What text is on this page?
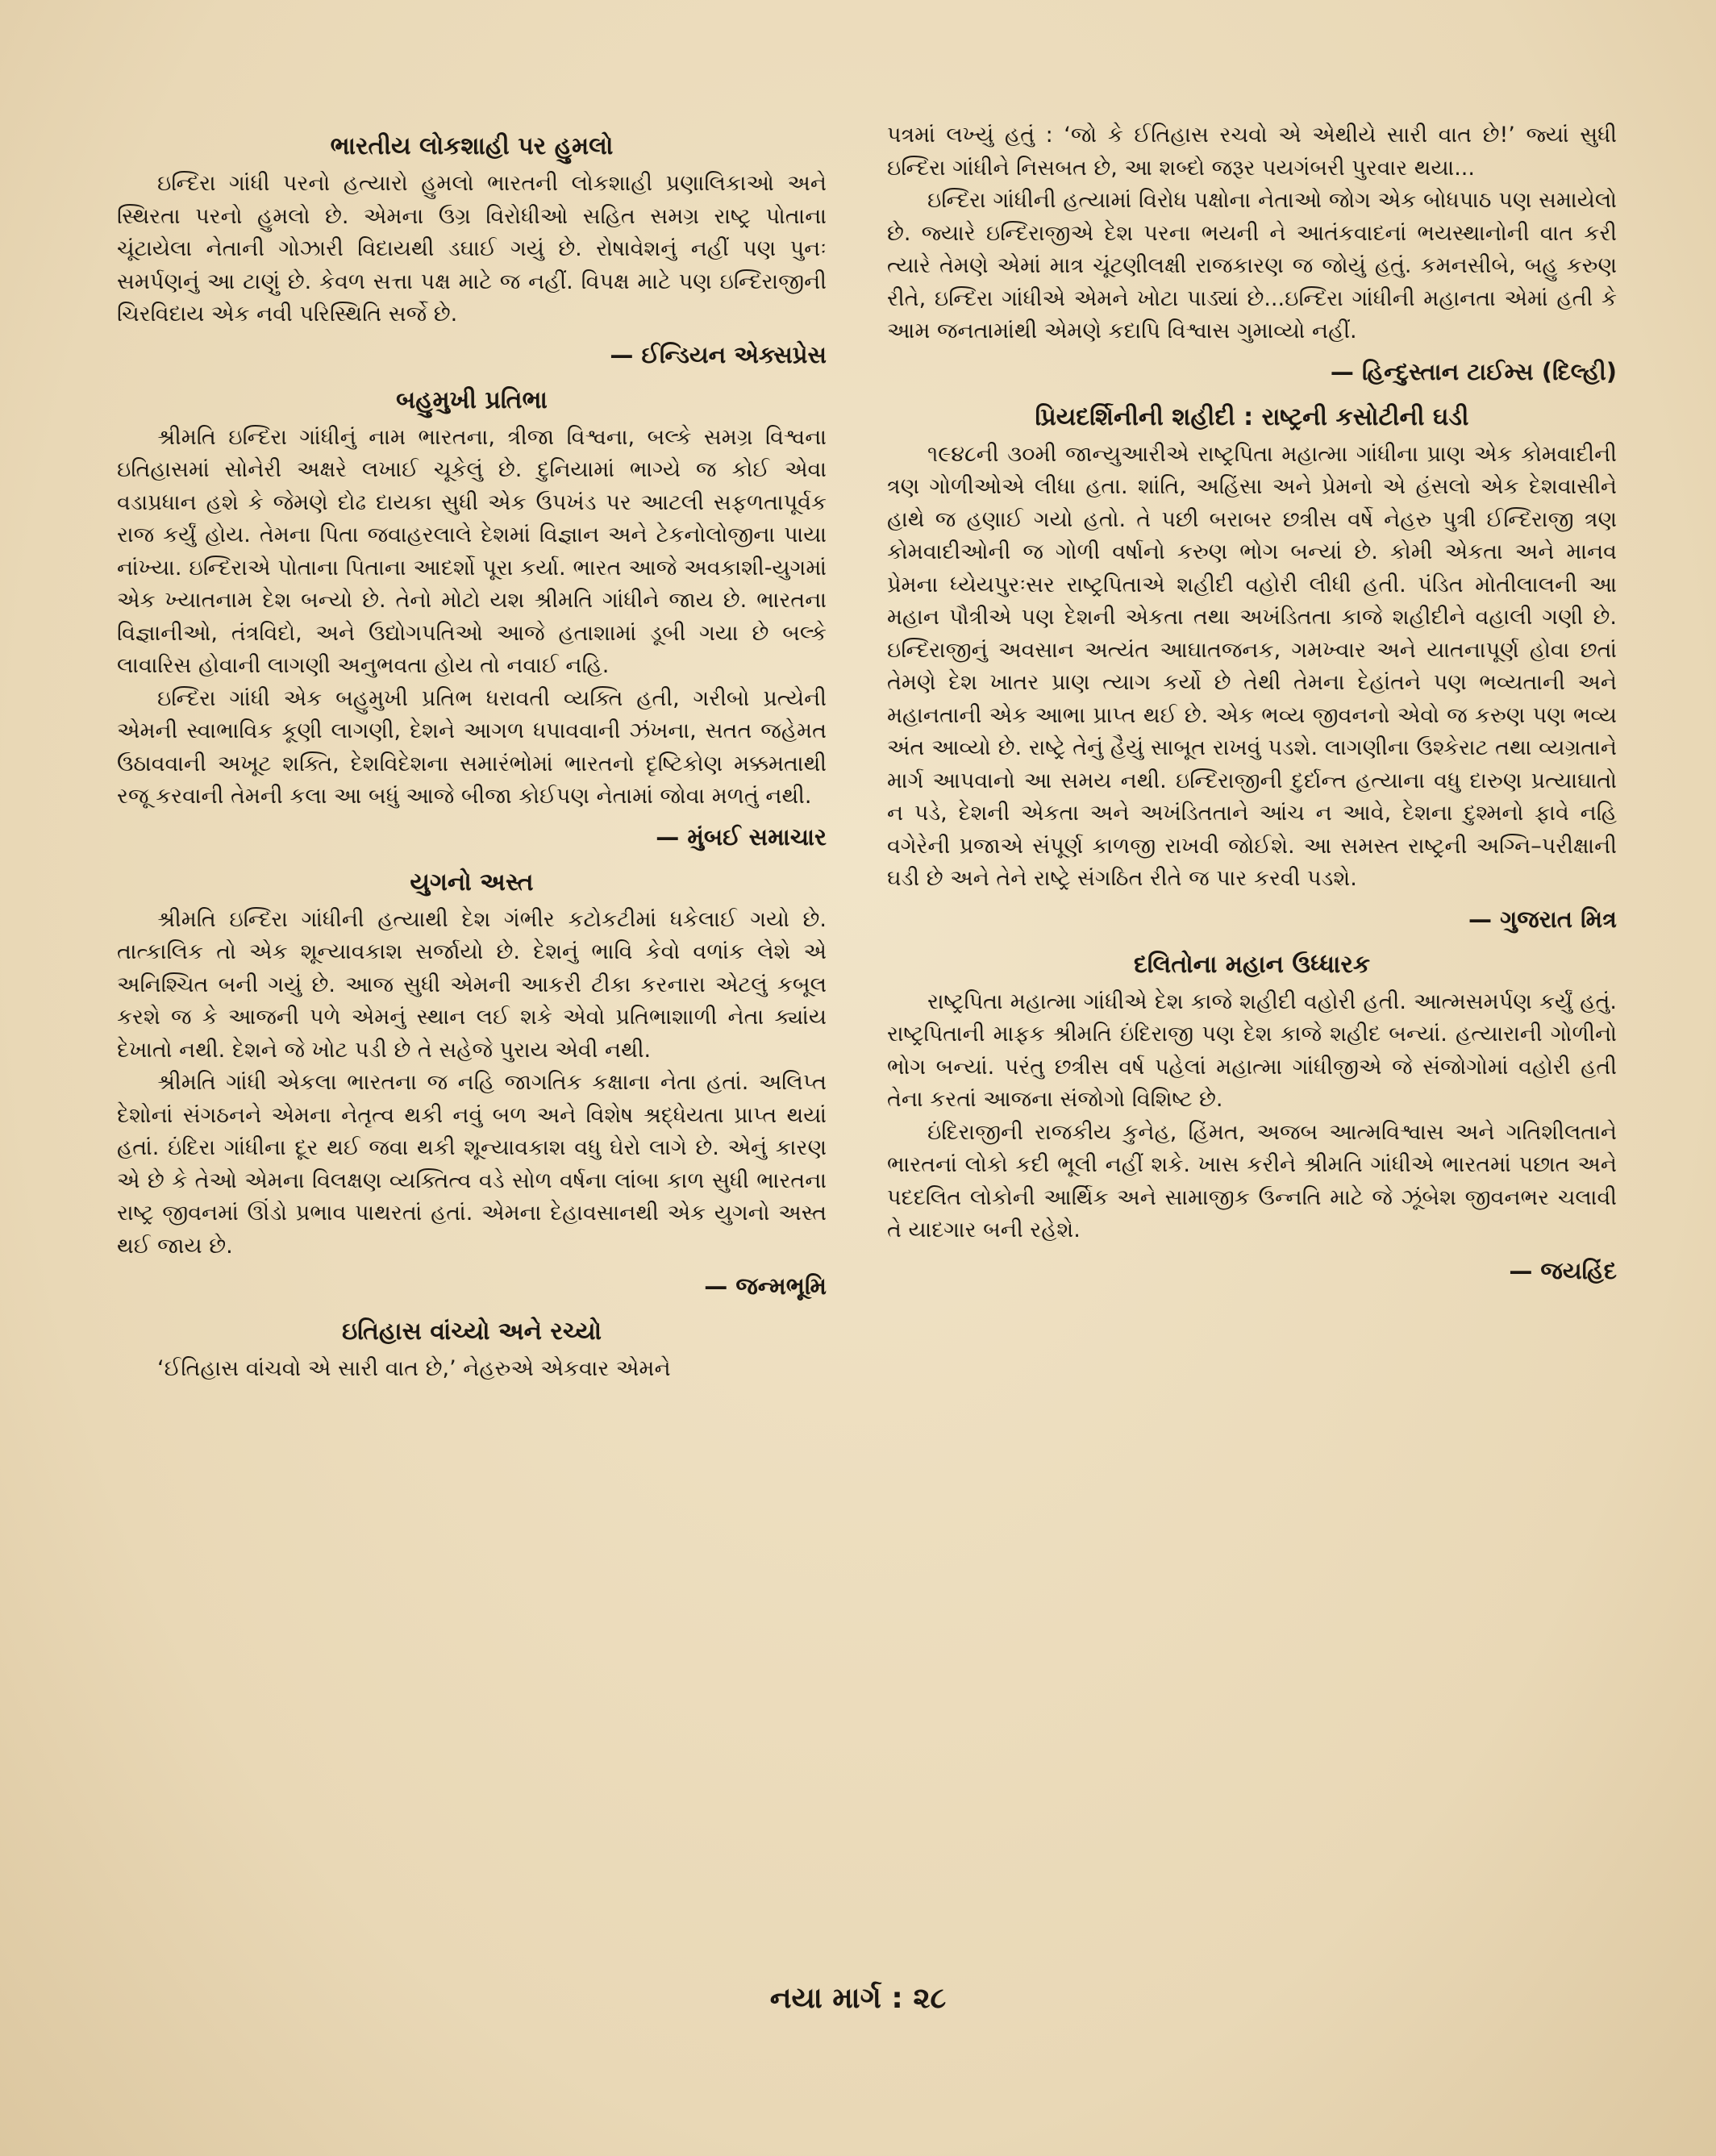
ભારતીય લોકશાહી પર હુમલો

ઇન્દિરા ગાંધી પરનો હત્યારો હુમલો ભારતની લોકશાહી પ્રણાલિકાઓ અને સ્થિરતા પરનો હુમલો છે. એમના ઉગ્ર વિરોધીઓ સહિત સમગ્ર રાષ્ટ્ર પોતાના ચૂંટાયેલા નેતાની ગોઝારી વિદાયથી ડઘાઈ ગયું છે. રોષાવેશનું નહીં પણ પુનઃ સમર્પણનું આ ટાણું છે. કેવળ સત્તા પક્ષ માટે જ નહીં. વિપક્ષ માટે પણ ઇન્દિરાજીની ચિરવિદાય એક નવી પરિસ્થિતિ સર્જે છે.

— ઈન્ડિયન એક્સપ્રેસ
બહુમુખી પ્રતિભા

શ્રીમતિ ઇન્દિરા ગાંધીનું નામ ભારતના, ત્રીજા વિશ્વના, બલ્કે સમગ્ર વિશ્વના ઇતિહાસમાં સોનેરી અક્ષરે લખાઈ ચૂકેલું છે. દુનિયામાં ભાગ્યે જ કોઈ એવા વડાપ્રધાન હશે કે જેમણે દોઢ દાયકા સુધી એક ઉપખંડ પર આટલી સફળતાપૂર્વક રાજ કર્યું હોય. તેમના પિતા જવાહરલાલે દેશમાં વિજ્ઞાન અને ટેકનોલોજીના પાયા નાંખ્યા. ઇન્દિરાએ પોતાના પિતાના આદર્શો પૂરા કર્યા. ભારત આજે અવકાશી-યુગમાં એક ખ્યાતનામ દેશ બન્યો છે. તેનો મોટો યશ શ્રીમતિ ગાંધીને જાય છે. ભારતના વિજ્ઞાનીઓ, તંત્રવિદો, અને ઉદ્યોગપતિઓ આજે હતાશામાં ડૂબી ગયા છે બલ્કે લાવારિસ હોવાની લાગણી અનુભવતા હોય તો નવાઈ નહિ.

ઇન્દિરા ગાંધી એક બહુમુખી પ્રતિભ ધરાવતી વ્યક્તિ હતી, ગરીબો પ્રત્યેની એમની સ્વાભાવિક કૂણી લાગણી, દેશને આગળ ધપાવવાની ઝંખના, સતત જહેમત ઉઠાવવાની અખૂટ શક્તિ, દેશવિદેશના સમારંભોમાં ભારતનો દૃષ્ટિકોણ મક્કમતાથી રજૂ કરવાની તેમની કલા આ બધું આજે બીજા કોઈપણ નેતામાં જોવા મળતું નથી.

— મુંબઈ સમાચાર
યુગનો અસ્ત

શ્રીમતિ ઇન્દિરા ગાંધીની હત્યાથી દેશ ગંભીર કટોકટીમાં ધકેલાઈ ગયો છે. તાત્કાલિક તો એક શૂન્યાવકાશ સર્જાયો છે. દેશનું ભાવિ કેવો વળાંક લેશે એ અનિશ્ચિત બની ગયું છે. આજ સુધી એમની આકરી ટીકા કરનારા એટલું કબૂલ કરશે જ કે આજની પળે એમનું સ્થાન લઈ શકે એવો પ્રતિભાશાળી નેતા ક્યાંય દેખાતો નથી. દેશને જે ખોટ પડી છે તે સહેજે પુરાય એવી નથી.

શ્રીમતિ ગાંધી એકલા ભારતના જ નહિ જાગતિક કક્ષાના નેતા હતાં. અલિપ્ત દેશોનાં સંગઠનને એમના નેતૃત્વ થકી નવું બળ અને વિશેષ શ્રદ્ધેયતા પ્રાપ્ત થયાં હતાં. ઇંદિરા ગાંધીના દૂર થઈ જવા થકી શૂન્યાવકાશ વધુ ઘેરો લાગે છે. એનું કારણ એ છે કે તેઓ એમના વિલક્ષણ વ્યક્તિત્વ વડે સોળ વર્ષના લાંબા કાળ સુધી ભારતના રાષ્ટ્ર જીવનમાં ઊંડો પ્રભાવ પાથરતાં હતાં. એમના દેહાવસાનથી એક યુગનો અસ્ત થઈ જાય છે.

— જન્મભૂમિ
ઇતિહાસ વાંચ્યો અને રચ્યો

‘ઈતિહાસ વાંચવો એ સારી વાત છે,’ નેહરુએ એકવાર એમને

પત્રમાં લખ્યું હતું : ‘જો કે ઈતિહાસ રચવો એ એથીયે સારી વાત છે!’ જ્યાં સુધી ઇન્દિરા ગાંધીને નિસબત છે, આ શબ્દો જરૂર પયગંબરી પુરવાર થયા...

ઇન્દિરા ગાંધીની હત્યામાં વિરોધ પક્ષોના નેતાઓ જોગ એક બોધપાઠ પણ સમાયેલો છે. જ્યારે ઇન્દિરાજીએ દેશ પરના ભયની ને આતંકવાદનાં ભયસ્થાનોની વાત કરી ત્યારે તેમણે એમાં માત્ર ચૂંટણીલક્ષી રાજકારણ જ જોયું હતું. કમનસીબે, બહુ કરુણ રીતે, ઇન્દિરા ગાંધીએ એમને ખોટા પાડ્યાં છે...ઇન્દિરા ગાંધીની મહાનતા એમાં હતી કે આમ જનતામાંથી એમણે કદાપિ વિશ્વાસ ગુમાવ્યો નહીં.

— હિન્દુસ્તાન ટાઈમ્સ (દિલ્હી)
પ્રિયદર્શિનીની શહીદી : રાષ્ટ્રની કસોટીની ઘડી

૧૯૪૮ની ૩૦મી જાન્યુઆરીએ રાષ્ટ્રપિતા મહાત્મા ગાંધીના પ્રાણ એક કોમવાદીની ત્રણ ગોળીઓએ લીધા હતા. શાંતિ, અહિંસા અને પ્રેમનો એ હંસલો એક દેશવાસીને હાથે જ હણાઈ ગયો હતો. તે પછી બરાબર છત્રીસ વર્ષે નેહરુ પુત્રી ઈન્દિરાજી ત્રણ કોમવાદીઓની જ ગોળી વર્ષાનો કરુણ ભોગ બન્યાં છે. કોમી એકતા અને માનવ પ્રેમના ધ્યેયપુરઃસર રાષ્ટ્રપિતાએ શહીદી વહોરી લીધી હતી. પંડિત મોતીલાલની આ મહાન પૌત્રીએ પણ દેશની એકતા તથા અખંડિતતા કાજે શહીદીને વહાલી ગણી છે. ઇન્દિરાજીનું અવસાન અત્યંત આઘાતજનક, ગમખ્વાર અને યાતનાપૂર્ણ હોવા છતાં તેમણે દેશ ખાતર પ્રાણ ત્યાગ કર્યો છે તેથી તેમના દેહાંતને પણ ભવ્યતાની અને મહાનતાની એક આભા પ્રાપ્ત થઈ છે. એક ભવ્ય જીવનનો એવો જ કરુણ પણ ભવ્ય અંત આવ્યો છે. રાષ્ટ્રે તેનું હૈયું સાબૂત રાખવું પડશે. લાગણીના ઉશ્કેરાટ તથા વ્યગ્રતાને માર્ગ આપવાનો આ સમય નથી. ઇન્દિરાજીની દુર્દાન્ત હત્યાના વધુ દારુણ પ્રત્યાઘાતો ન પડે, દેશની એકતા અને અખંડિતતાને આંચ ન આવે, દેશના દુશ્મનો ફાવે નહિ વગેરેની પ્રજાએ સંપૂર્ણ કાળજી રાખવી જોઈશે. આ સમસ્ત રાષ્ટ્રની અગ્નિ–પરીક્ષાની ઘડી છે અને તેને રાષ્ટ્રે સંગઠિત રીતે જ પાર કરવી પડશે.

— ગુજરાત મિત્ર
દલિતોના મહાન ઉધ્ધારક

રાષ્ટ્રપિતા મહાત્મા ગાંધીએ દેશ કાજે શહીદી વહોરી હતી. આત્મસમર્પણ કર્યું હતું. રાષ્ટ્રપિતાની માફક શ્રીમતિ ઇંદિરાજી પણ દેશ કાજે શહીદ બન્યાં. હત્યારાની ગોળીનો ભોગ બન્યાં. પરંતુ છત્રીસ વર્ષ પહેલાં મહાત્મા ગાંધીજીએ જે સંજોગોમાં વહોરી હતી તેના કરતાં આજના સંજોગો વિશિષ્ટ છે.

ઇંદિરાજીની રાજકીય કુનેહ, હિંમત, અજબ આત્મવિશ્વાસ અને ગતિશીલતાને ભારતનાં લોકો કદી ભૂલી નહીં શકે. ખાસ કરીને શ્રીમતિ ગાંધીએ ભારતમાં પછાત અને પદદલિત લોકોની આર્થિક અને સામાજીક ઉન્નતિ માટે જે ઝૂંબેશ જીવનભર ચલાવી તે યાદગાર બની રહેશે.

— જયહિંદ
નયા માર્ગ : ૨૮
